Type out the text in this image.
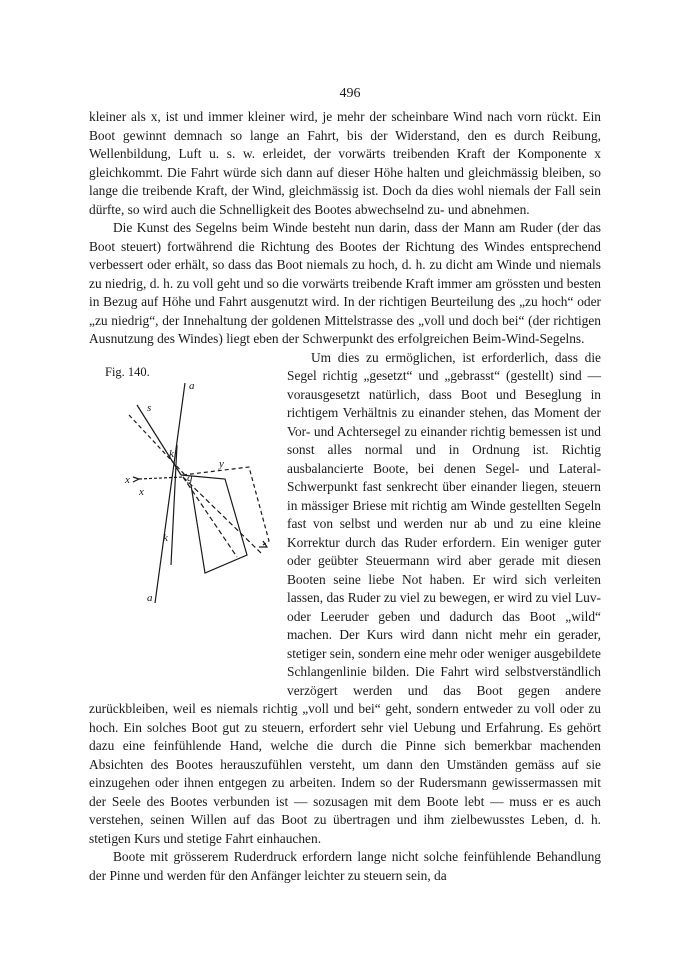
496

kleiner als x, ist und immer kleiner wird, je mehr der scheinbare Wind nach vorn rückt. Ein Boot gewinnt demnach so lange an Fahrt, bis der Widerstand, den es durch Reibung, Wellenbildung, Luft u. s. w. erleidet, der vorwärts treibenden Kraft der Komponente x gleichkommt. Die Fahrt würde sich dann auf dieser Höhe halten und gleichmässig bleiben, so lange die treibende Kraft, der Wind, gleichmässig ist. Doch da dies wohl niemals der Fall sein dürfte, so wird auch die Schnelligkeit des Bootes abwechselnd zu- und abnehmen.

Die Kunst des Segelns beim Winde besteht nun darin, dass der Mann am Ruder (der das Boot steuert) fortwährend die Richtung des Bootes der Richtung des Windes entsprechend verbessert oder erhält, so dass das Boot niemals zu hoch, d. h. zu dicht am Winde und niemals zu niedrig, d. h. zu voll geht und so die vorwärts treibende Kraft immer am grössten und besten in Bezug auf Höhe und Fahrt ausgenutzt wird. In der richtigen Beurteilung des „zu hoch“ oder „zu niedrig“, der Innehaltung der goldenen Mittelstrasse des „voll und doch bei“ (der richtigen Ausnutzung des Windes) liegt eben der Schwerpunkt des erfolgreichen Beim-Wind-Segelns.

Fig. 140.
a
a
s
k
k
x
x
y
g

Um dies zu ermöglichen, ist erforderlich, dass die Segel richtig „gesetzt“ und „gebrasst“ (gestellt) sind — vorausgesetzt natürlich, dass Boot und Beseglung in richtigem Verhältnis zu einander stehen, das Moment der Vor- und Achtersegel zu einander richtig bemessen ist und sonst alles normal und in Ordnung ist. Richtig ausbalancierte Boote, bei denen Segel- und Lateral-Schwerpunkt fast senkrecht über einander liegen, steuern in mässiger Briese mit richtig am Winde gestellten Segeln fast von selbst und werden nur ab und zu eine kleine Korrektur durch das Ruder erfordern. Ein weniger guter oder geübter Steuermann wird aber gerade mit diesen Booten seine liebe Not haben. Er wird sich verleiten lassen, das Ruder zu viel zu bewegen, er wird zu viel Luv- oder Leeruder geben und dadurch das Boot „wild“ machen. Der Kurs wird dann nicht mehr ein gerader, stetiger sein, sondern eine mehr oder weniger ausgebildete Schlangenlinie bilden. Die Fahrt wird selbstverständlich verzögert werden und das Boot gegen andere zurückbleiben, weil es niemals richtig „voll und bei“ geht, sondern entweder zu voll oder zu hoch. Ein solches Boot gut zu steuern, erfordert sehr viel Uebung und Erfahrung. Es gehört dazu eine feinfühlende Hand, welche die durch die Pinne sich bemerkbar machenden Absichten des Bootes herauszufühlen versteht, um dann den Umständen gemäss auf sie einzugehen oder ihnen entgegen zu arbeiten. Indem so der Rudersmann gewissermassen mit der Seele des Bootes verbunden ist — sozusagen mit dem Boote lebt — muss er es auch verstehen, seinen Willen auf das Boot zu übertragen und ihm zielbewusstes Leben, d. h. stetigen Kurs und stetige Fahrt einhauchen.

Boote mit grösserem Ruderdruck erfordern lange nicht solche feinfühlende Behandlung der Pinne und werden für den Anfänger leichter zu steuern sein, da
